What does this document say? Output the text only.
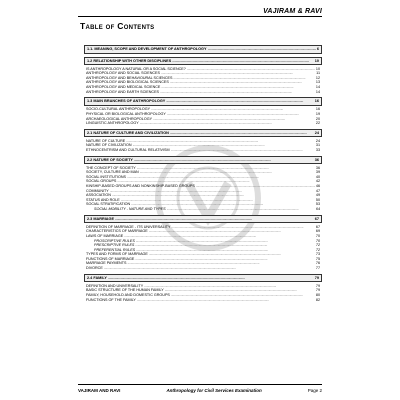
VAJIRAM & RAVI
Table of Contents
1.1. MEANING, SCOPE AND DEVELOPMENT OF ANTHROPOLOGY .....	6
1.2 RELATIONSHIP WITH OTHER DISCIPLINES .....	10
IS ANTHROPOLOGY A NATURAL OR A SOCIAL SCIENCE? .....	10
ANTHROPOLOGY AND SOCIAL SCIENCES .....	11
ANTHROPOLOGY AND BEHAVIOURAL SCIENCES .....	12
ANTHROPOLOGY AND BIOLOGICAL SCIENCES .....	13
ANTHROPOLOGY AND MEDICAL SCIENCE .....	14
ANTHROPOLOGY AND EARTH SCIENCES .....	14
1.3 MAIN BRANCHES OF ANTHROPOLOGY .....	16
SOCIO-CULTURAL ANTHROPOLOGY .....	16
PHYSICAL OR BIOLOGICAL ANTHROPOLOGY .....	19
ARCHAEOLOGICAL ANTHROPOLOGY .....	20
LINGUISTIC ANTHROPOLOGY .....	22
2.1 NATURE OF CULTURE AND CIVILIZATION .....	24
NATURE OF CULTURE .....	24
NATURE OF CIVILIZATION .....	31
ETHNOCENTRISM AND CULTURAL RELATIVISM .....	33
2.2 NATURE OF SOCIETY .....	36
THE CONCEPT OF SOCIETY .....	36
SOCIETY, CULTURE AND MAN .....	39
SOCIAL INSTITUTIONS .....	40
SOCIAL GROUPS .....	42
KINSHIP-BASED GROUPS AND NONKINSHIP-BASED GROUPS .....	46
COMMUNITY .....	47
ASSOCIATION .....	49
STATUS AND ROLE .....	50
SOCIAL STRATIFICATION .....	53
SOCIAL MOBILITY - NATURE AND TYPES .....	64
2.3 MARRIAGE .....	67
DEFINITION OF MARRIAGE - ITS UNIVERSALITY .....	67
CHARACTERISTICS OF MARRIAGE .....	69
LAWS OF MARRIAGE .....	70
PROSCRIPTIVE RULES .....	70
PRESCRIPTIVE RULES .....	72
PREFERENTIAL RULES .....	72
TYPES AND FORMS OF MARRIAGE .....	73
FUNCTIONS OF MARRIAGE .....	75
MARRIAGE PAYMENTS .....	76
DIVORCE .....	77
2.4 FAMILY .....	79
DEFINITION AND UNIVERSALITY .....	79
BASIC STRUCTURE OF THE HUMAN FAMILY .....	79
FAMILY, HOUSEHOLD AND DOMESTIC GROUPS .....	80
FUNCTIONS OF THE FAMILY .....	82
VAJIRAM AND RAVI	Anthropology for Civil Services Examination	Page 2
